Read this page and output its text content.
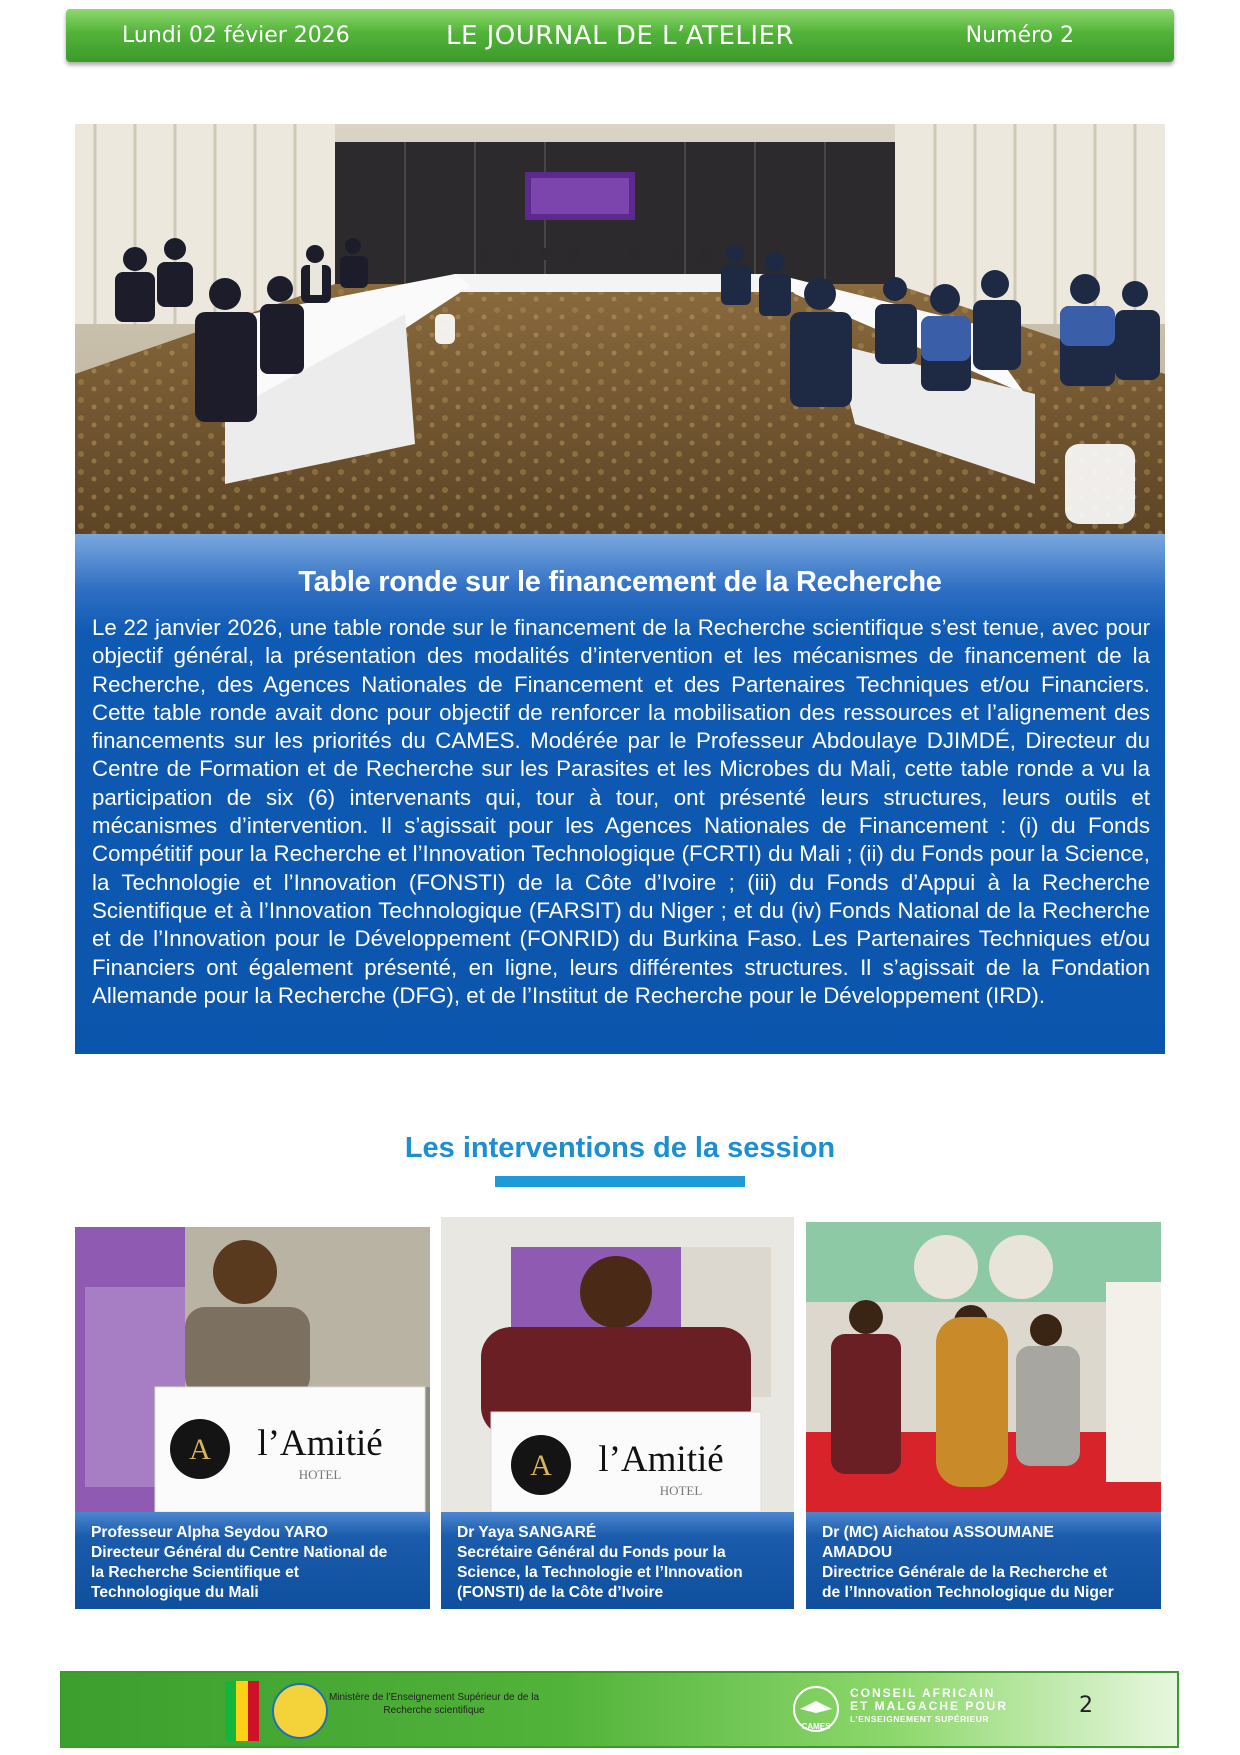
Lundi 02 févier 2026	LE JOURNAL DE L’ATELIER	Numéro 2
Table ronde sur le financement de la Recherche

Le 22 janvier 2026, une table ronde sur le financement de la Recherche scientifique s’est tenue, avec pour objectif général, la présentation des modalités d’intervention et les mécanismes de financement de la Recherche, des Agences Nationales de Financement et des Partenaires Techniques et/ou Financiers. Cette table ronde avait donc pour objectif de renforcer la mobilisation des ressources et l’alignement des financements sur les priorités du CAMES. Modérée par le Professeur Abdoulaye DJIMDÉ, Directeur du Centre de Formation et de Recherche sur les Parasites et les Microbes du Mali, cette table ronde a vu la participation de six (6) intervenants qui, tour à tour, ont présenté leurs structures, leurs outils et mécanismes d’intervention. Il s’agissait pour les Agences Nationales de Financement : (i) du Fonds Compétitif pour la Recherche et l’Innovation Technologique (FCRTI) du Mali ; (ii) du Fonds pour la Science, la Technologie et l’Innovation (FONSTI) de la Côte d’Ivoire ; (iii) du Fonds d’Appui à la Recherche Scientifique et à l’Innovation Technologique (FARSIT) du Niger ; et du (iv) Fonds National de la Recherche et de l’Innovation pour le Développement (FONRID) du Burkina Faso. Les Partenaires Techniques et/ou Financiers ont également présenté, en ligne, leurs différentes structures. Il s’agissait de la Fondation Allemande pour la Recherche (DFG), et de l’Institut de Recherche pour le Développement (IRD).

Les interventions de la session
A l’Amitié
HOTEL
Professeur Alpha Seydou YARO
Directeur Général du Centre National de
la Recherche Scientifique et
Technologique du Mali
A l’Amitié
HOTEL
Dr Yaya SANGARÉ
Secrétaire Général du Fonds pour la
Science, la Technologie et l’Innovation
(FONSTI) de la Côte d’Ivoire
Dr (MC) Aichatou ASSOUMANE
AMADOU
Directrice Générale de la Recherche et
de l’Innovation Technologique du Niger
Ministère de l’Enseignement Supérieur de de la Recherche scientifique
CAMES
CONSEIL AFRICAIN
ET MALGACHE POUR
L’ENSEIGNEMENT SUPÉRIEUR
2
